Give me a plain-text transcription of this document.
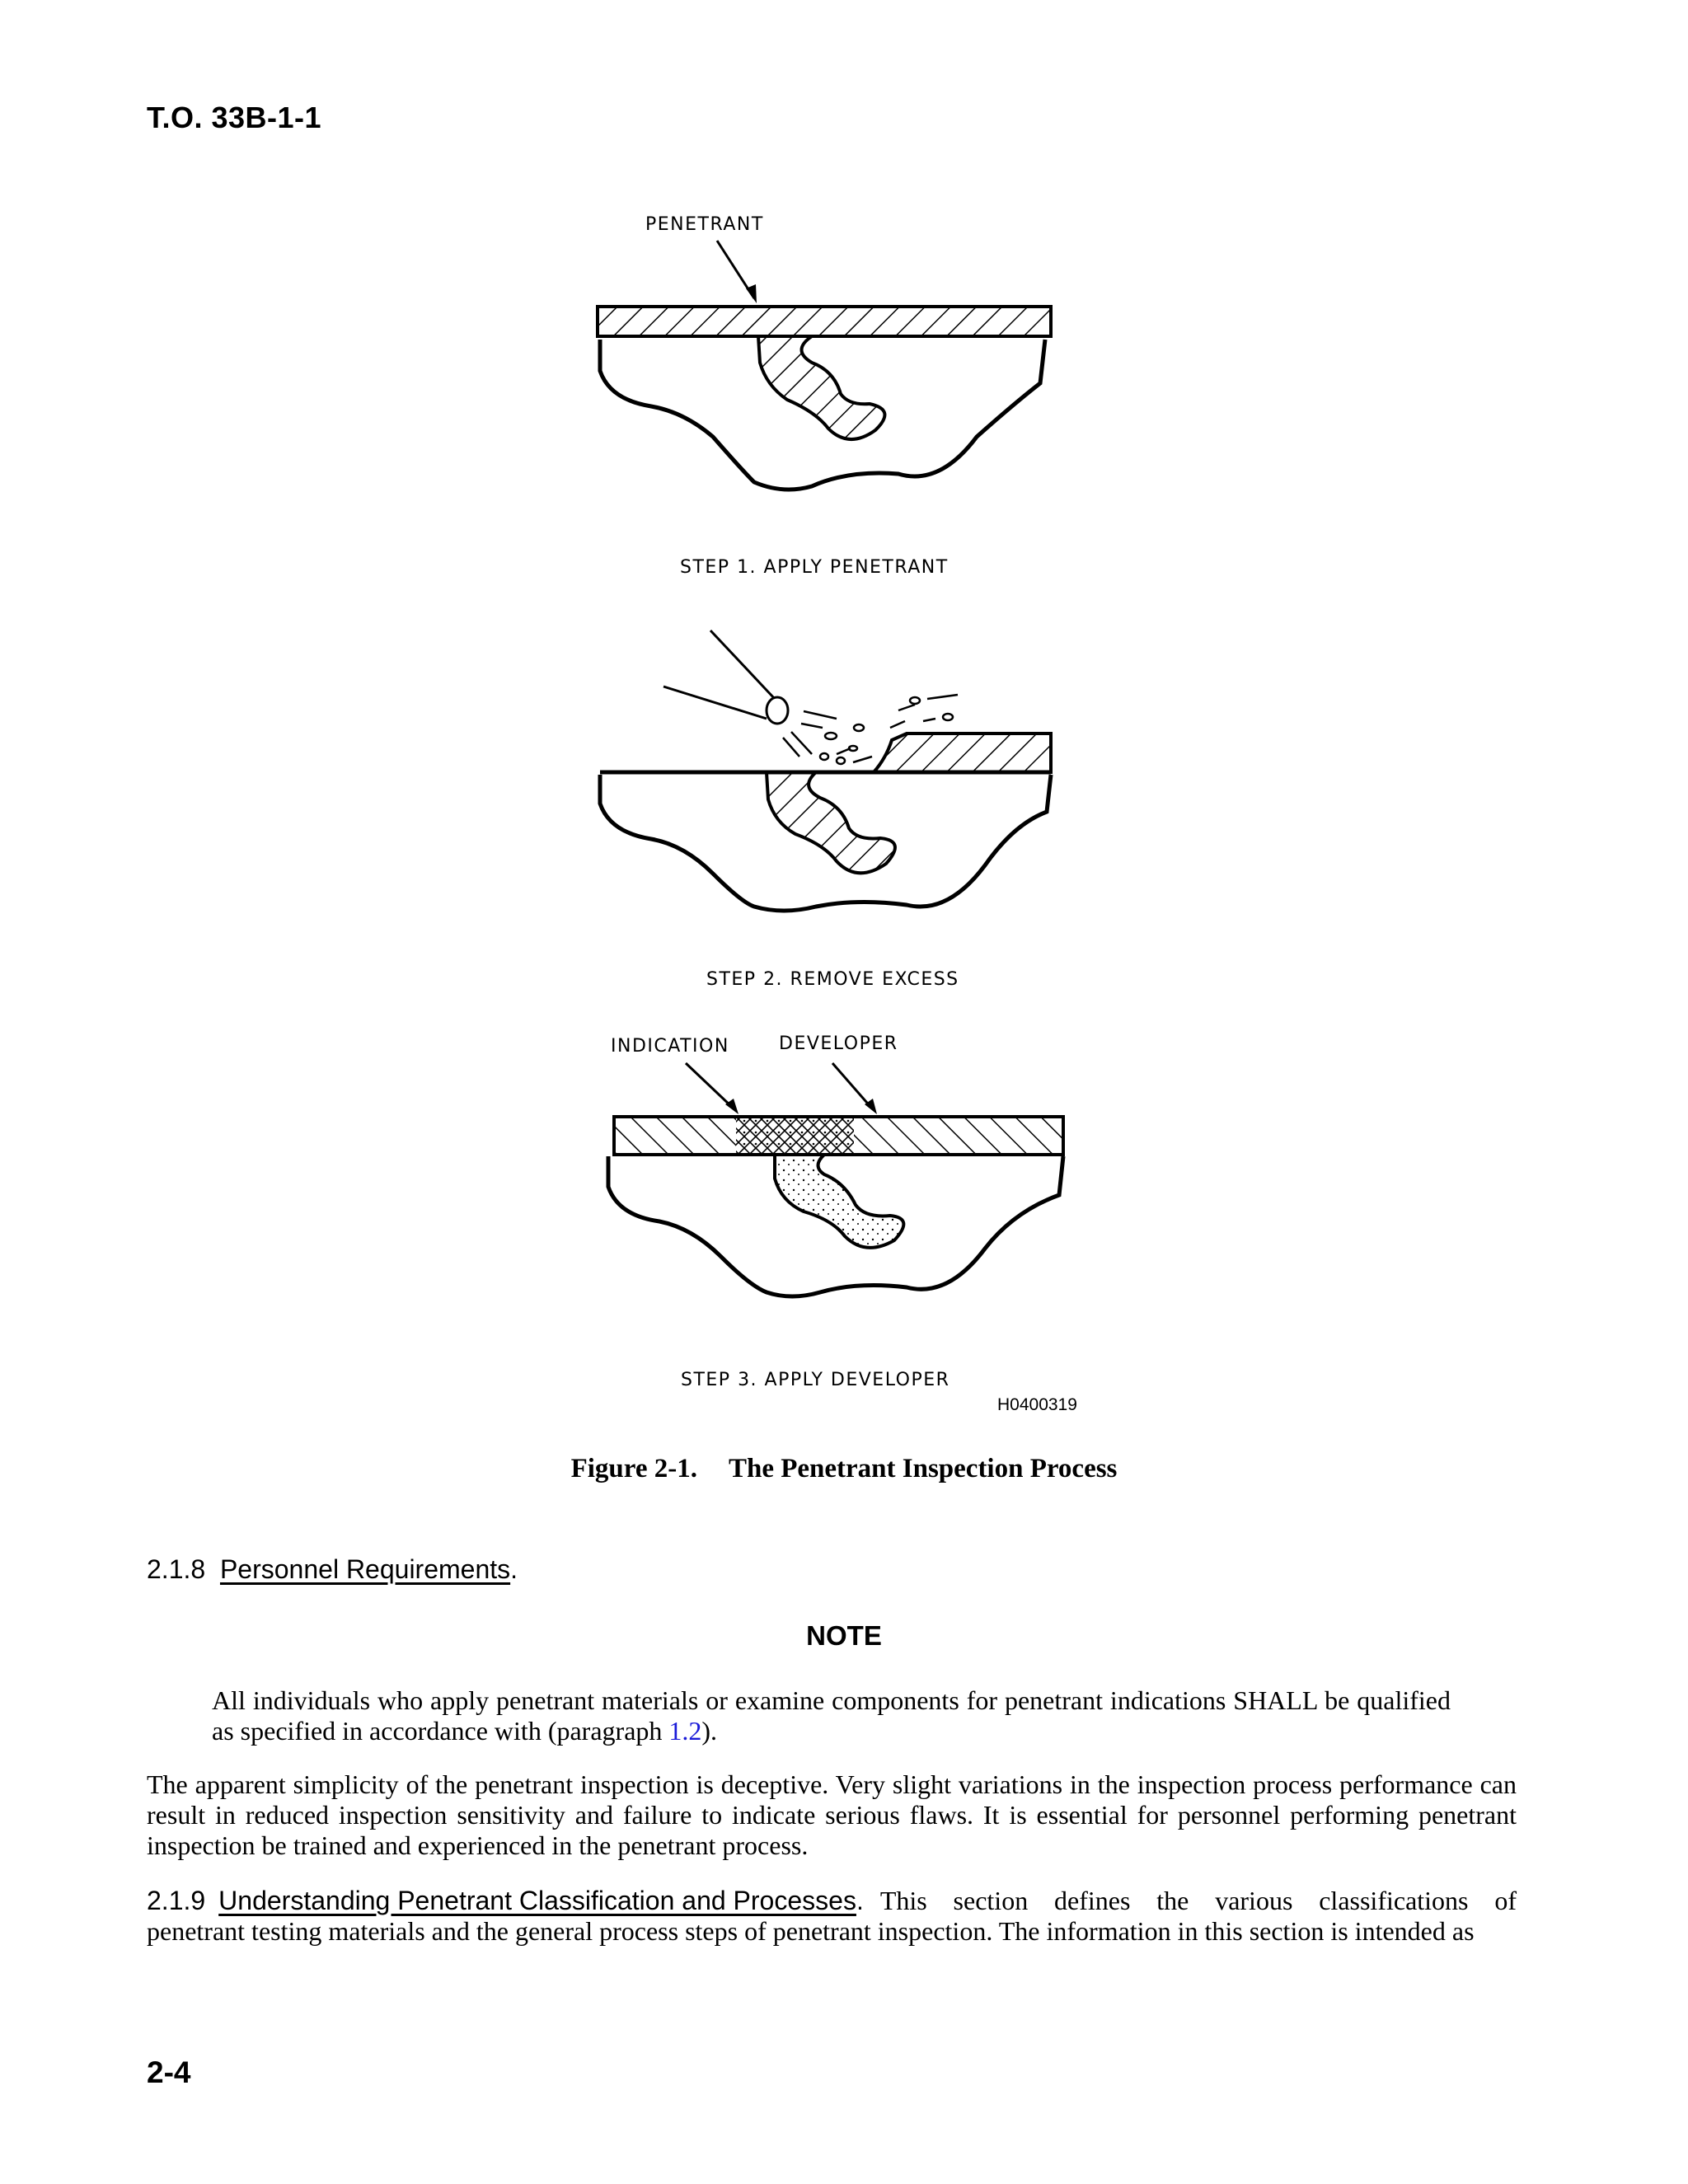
T.O. 33B-1-1
PENETRANT
STEP 1. APPLY PENETRANT
STEP 2. REMOVE EXCESS
INDICATION	DEVELOPER
STEP 3. APPLY DEVELOPER
H0400319
Figure 2-1. The Penetrant Inspection Process
2.1.8 Personnel Requirements.
NOTE
All individuals who apply penetrant materials or examine components for penetrant indications SHALL be qualified as specified in accordance with (paragraph 1.2).
The apparent simplicity of the penetrant inspection is deceptive. Very slight variations in the inspection process performance can result in reduced inspection sensitivity and failure to indicate serious flaws. It is essential for personnel performing penetrant inspection be trained and experienced in the penetrant process.
2.1.9 Understanding Penetrant Classification and Processes. This section defines the various classifications of
penetrant testing materials and the general process steps of penetrant inspection. The information in this section is intended as
2-4
